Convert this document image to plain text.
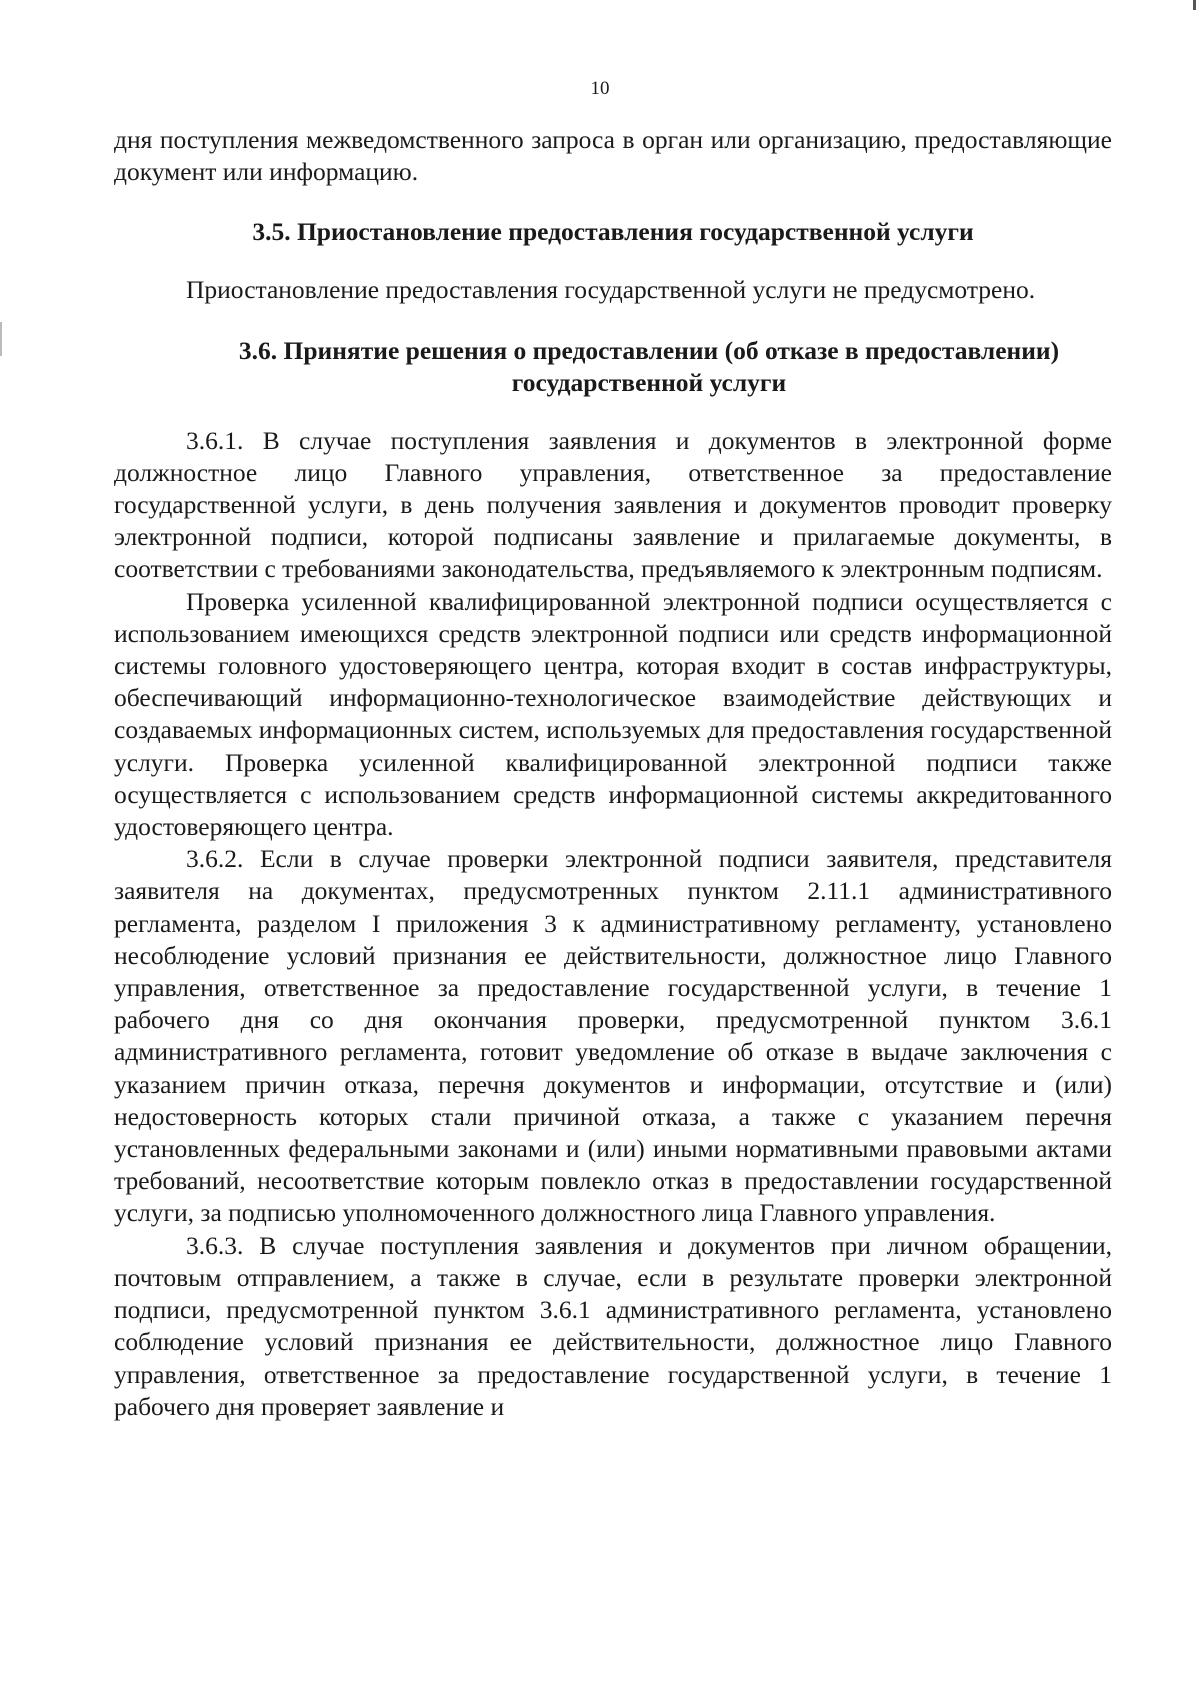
10

дня поступления межведомственного запроса в орган или организацию, предоставляющие документ или информацию.

3.5. Приостановление предоставления государственной услуги

Приостановление предоставления государственной услуги не предусмотрено.

3.6. Принятие решения о предоставлении (об отказе в предоставлении) государственной услуги

3.6.1. В случае поступления заявления и документов в электронной форме должностное лицо Главного управления, ответственное за предоставление государственной услуги, в день получения заявления и документов проводит проверку электронной подписи, которой подписаны заявление и прилагаемые документы, в соответствии с требованиями законодательства, предъявляемого к электронным подписям.

Проверка усиленной квалифицированной электронной подписи осуществляется с использованием имеющихся средств электронной подписи или средств информационной системы головного удостоверяющего центра, которая входит в состав инфраструктуры, обеспечивающий информационно-технологическое взаимодействие действующих и создаваемых информационных систем, используемых для предоставления государственной услуги. Проверка усиленной квалифицированной электронной подписи также осуществляется с использованием средств информационной системы аккредитованного удостоверяющего центра.

3.6.2. Если в случае проверки электронной подписи заявителя, представителя заявителя на документах, предусмотренных пунктом 2.11.1 административного регламента, разделом I приложения 3 к административному регламенту, установлено несоблюдение условий признания ее действительности, должностное лицо Главного управления, ответственное за предоставление государственной услуги, в течение 1 рабочего дня со дня окончания проверки, предусмотренной пунктом 3.6.1 административного регламента, готовит уведомление об отказе в выдаче заключения с указанием причин отказа, перечня документов и информации, отсутствие и (или) недостоверность которых стали причиной отказа, а также с указанием перечня установленных федеральными законами и (или) иными нормативными правовыми актами требований, несоответствие которым повлекло отказ в предоставлении государственной услуги, за подписью уполномоченного должностного лица Главного управления.

3.6.3. В случае поступления заявления и документов при личном обращении, почтовым отправлением, а также в случае, если в результате проверки электронной подписи, предусмотренной пунктом 3.6.1 административного регламента, установлено соблюдение условий признания ее действительности, должностное лицо Главного управления, ответственное за предоставление государственной услуги, в течение 1 рабочего дня проверяет заявление и
